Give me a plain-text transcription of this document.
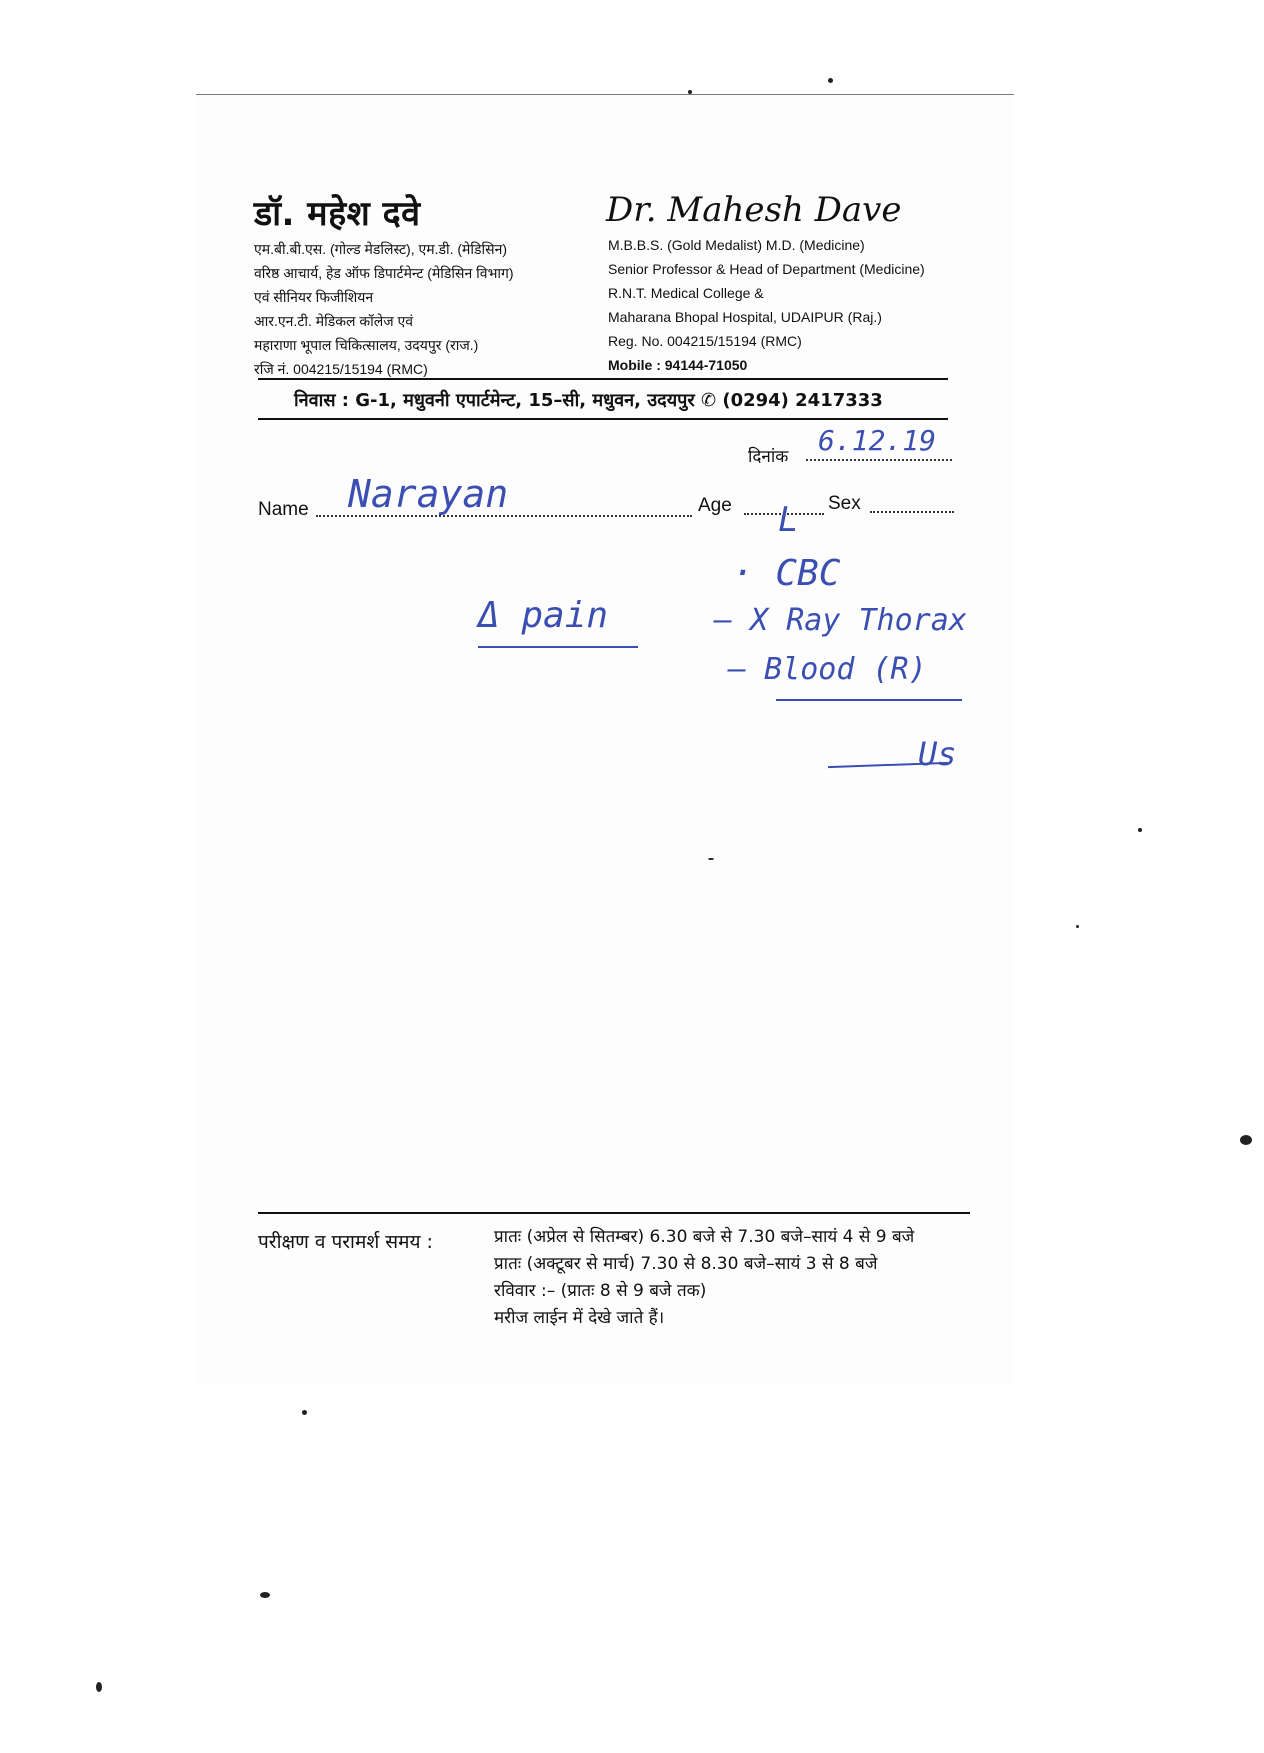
डॉ. महेश दवे
एम.बी.बी.एस. (गोल्ड मेडलिस्ट), एम.डी. (मेडिसिन)
वरिष्ठ आचार्य, हेड ऑफ डिपार्टमेन्ट (मेडिसिन विभाग)
एवं सीनियर फिजीशियन
आर.एन.टी. मेडिकल कॉलेज एवं
महाराणा भूपाल चिकित्सालय, उदयपुर (राज.)
रजि नं. 004215/15194 (RMC)
Dr. Mahesh Dave
M.B.B.S. (Gold Medalist) M.D. (Medicine)
Senior Professor & Head of Department (Medicine)
R.N.T. Medical College &
Maharana Bhopal Hospital, UDAIPUR (Raj.)
Reg. No. 004215/15194 (RMC)
Mobile : 94144-71050
निवास : G-1, मधुवनी एपार्टमेन्ट, 15–सी, मधुवन, उदयपुर ✆ (0294) 2417333
दिनांक 6.12.19
Name Narayan	Age L Sex
Δ pain
· CBC
– X Ray Thorax
– Blood (R)
Us
परीक्षण व परामर्श समय :	प्रातः (अप्रेल से सितम्बर) 6.30 बजे से 7.30 बजे–सायं 4 से 9 बजे
प्रातः (अक्टूबर से मार्च) 7.30 से 8.30 बजे–सायं 3 से 8 बजे
रविवार :– (प्रातः 8 से 9 बजे तक)
मरीज लाईन में देखे जाते हैं।
